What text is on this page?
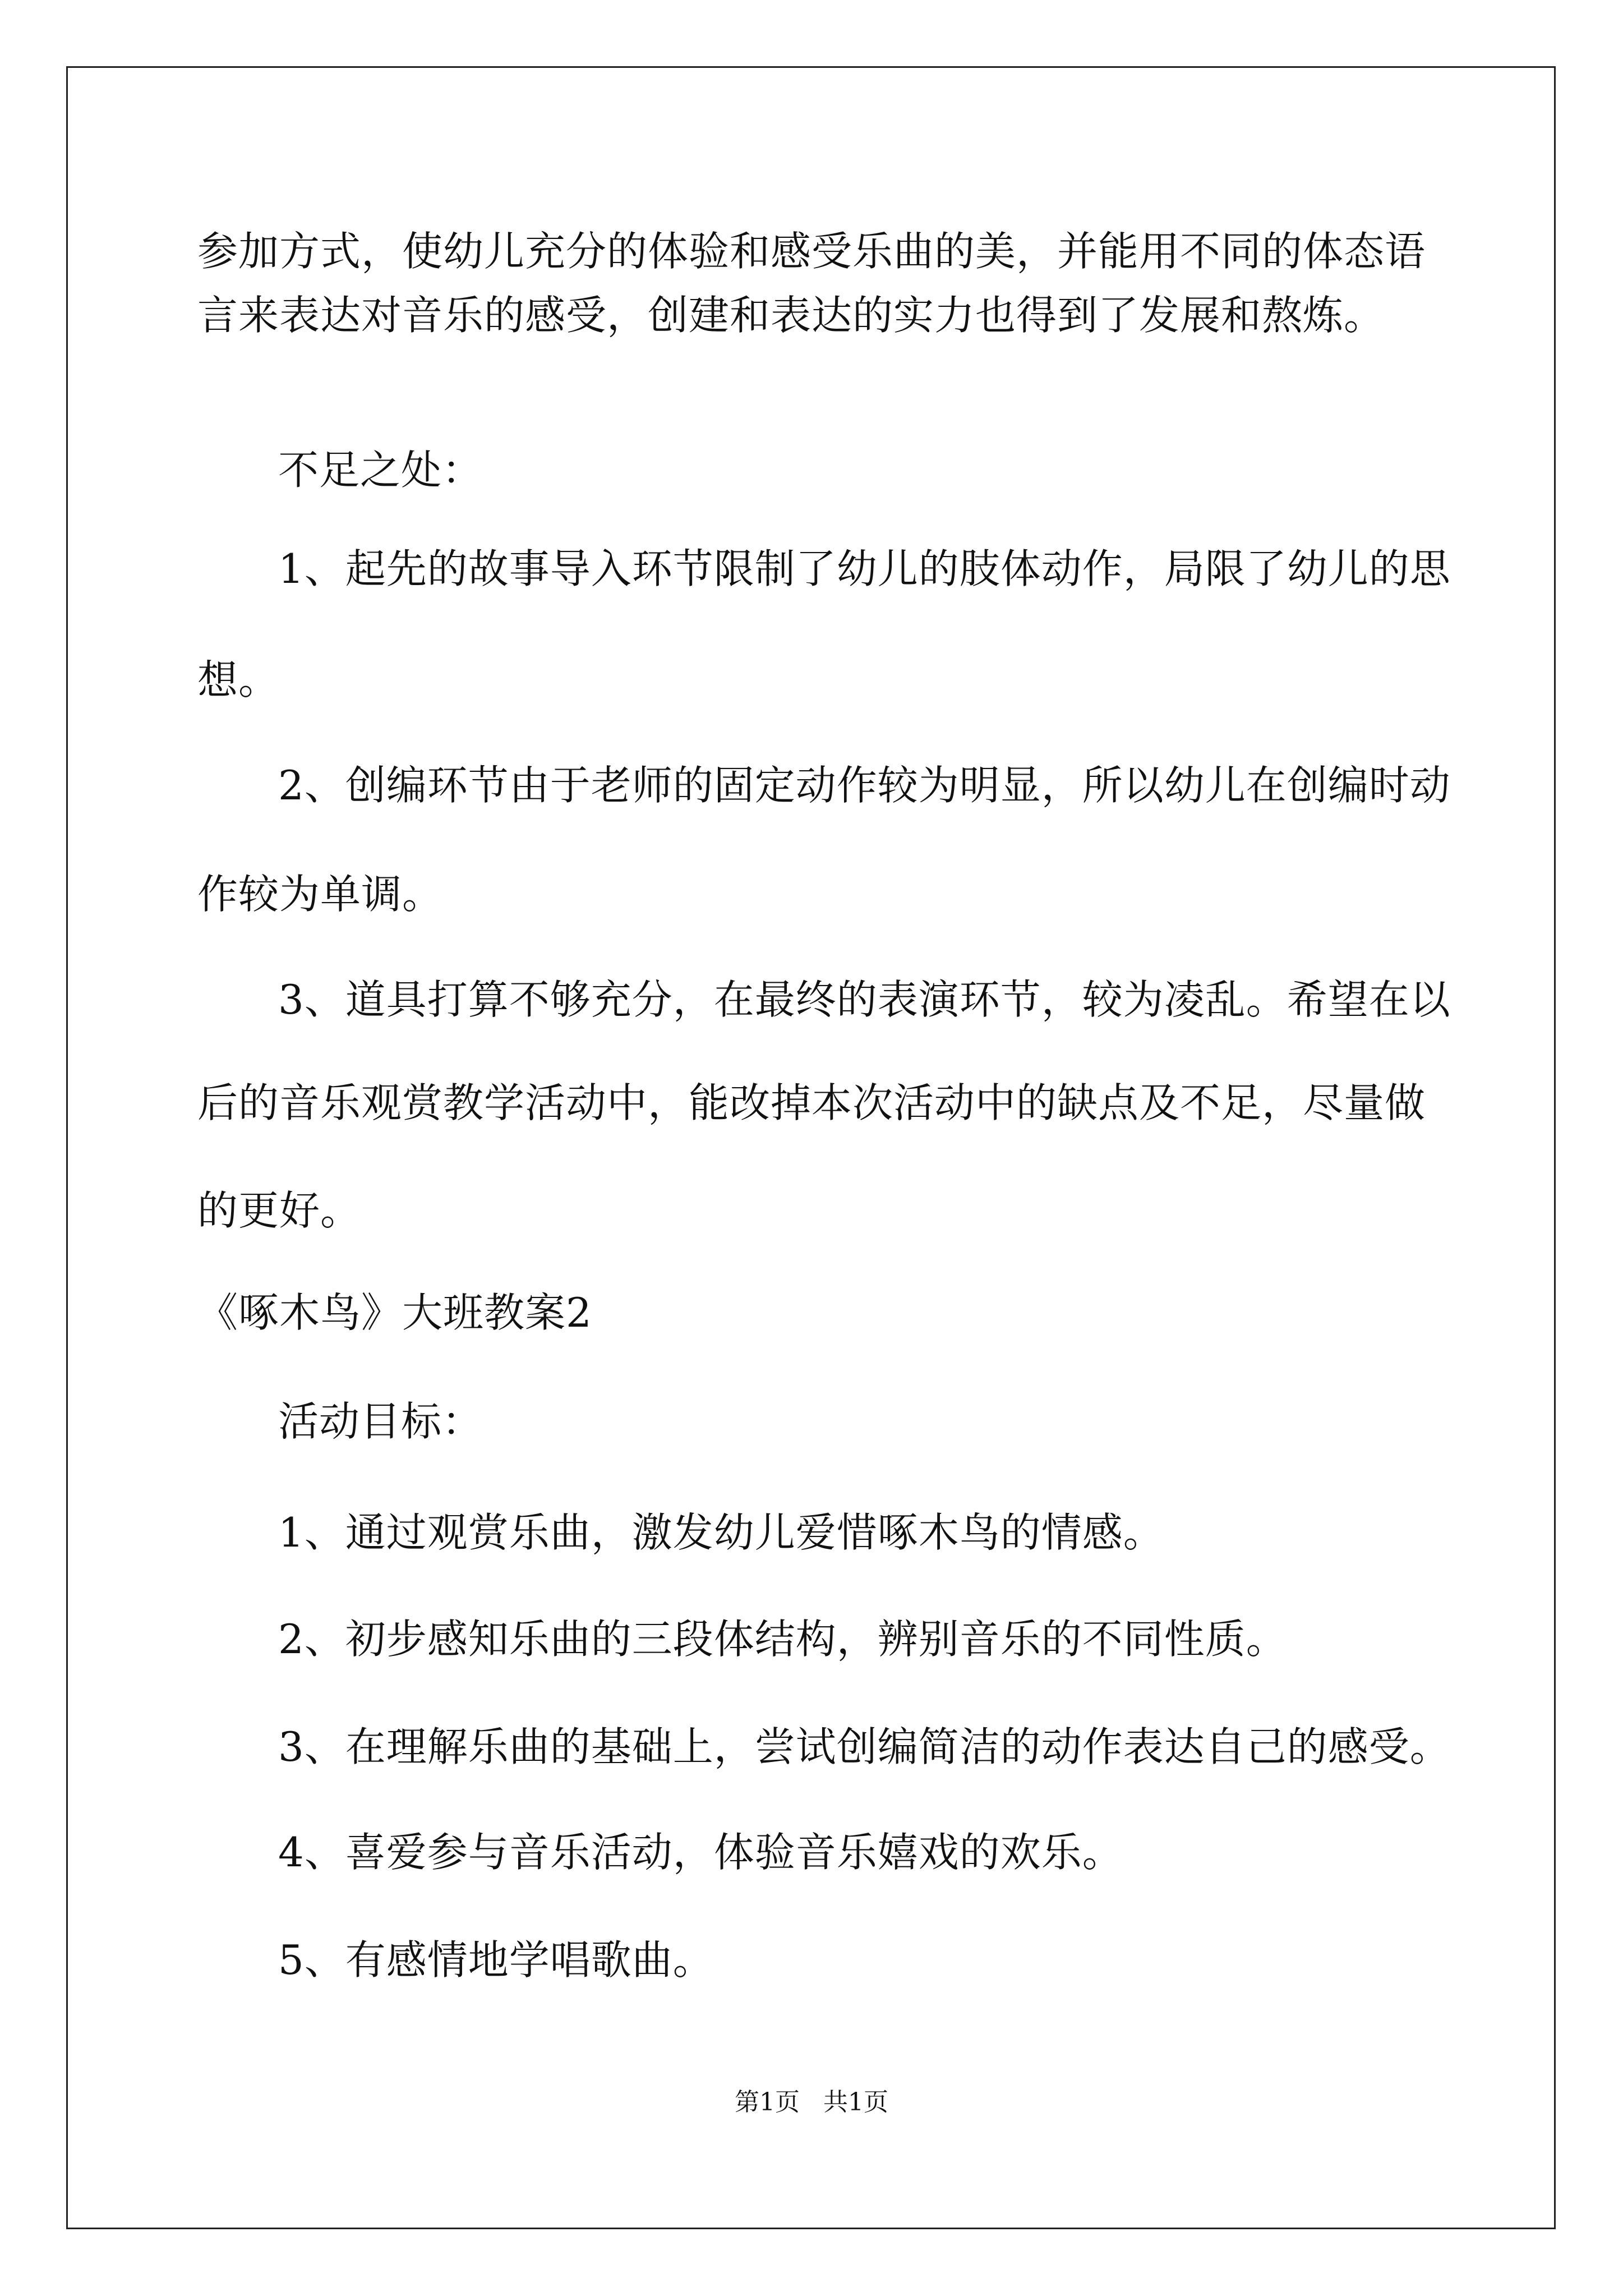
参加方式，使幼儿充分的体验和感受乐曲的美，并能用不同的体态语

言来表达对音乐的感受，创建和表达的实力也得到了发展和熬炼。

不足之处：

1、起先的故事导入环节限制了幼儿的肢体动作，局限了幼儿的思

想。

2、创编环节由于老师的固定动作较为明显，所以幼儿在创编时动

作较为单调。

3、道具打算不够充分，在最终的表演环节，较为凌乱。希望在以

后的音乐观赏教学活动中，能改掉本次活动中的缺点及不足，尽量做

的更好。

《啄木鸟》大班教案2

活动目标：

1、通过观赏乐曲，激发幼儿爱惜啄木鸟的情感。

2、初步感知乐曲的三段体结构，辨别音乐的不同性质。

3、在理解乐曲的基础上，尝试创编简洁的动作表达自己的感受。

4、喜爱参与音乐活动，体验音乐嬉戏的欢乐。

5、有感情地学唱歌曲。

第1页   共1页
